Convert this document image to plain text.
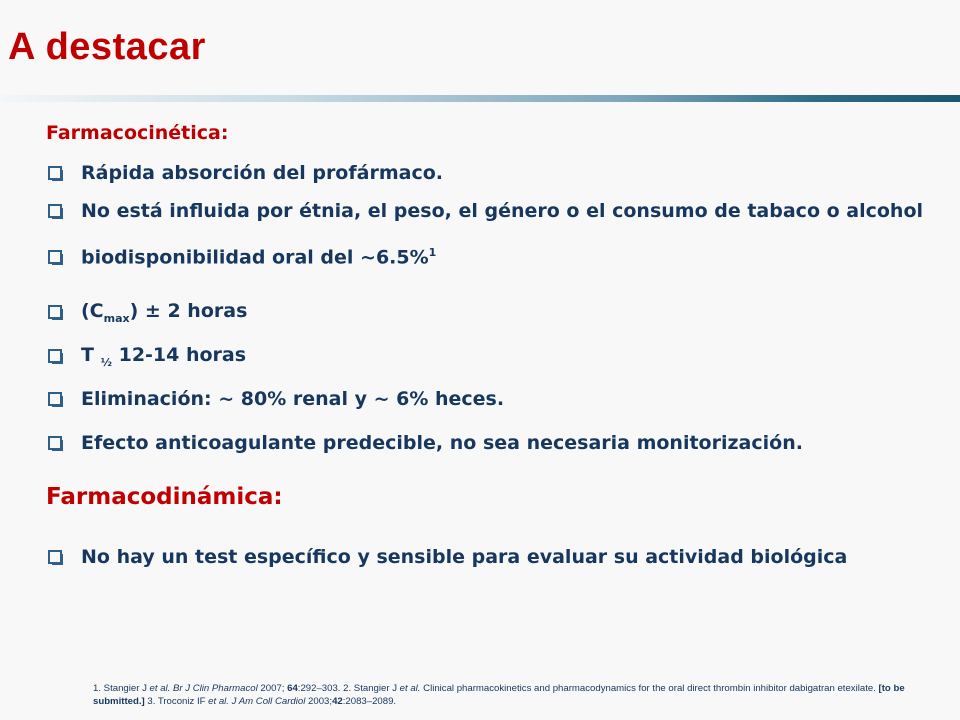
A destacar
Farmacocinética:
Rápida absorción del profármaco.
No está influida por étnia, el peso, el género o el consumo de tabaco o alcohol
biodisponibilidad oral del ~6.5%$^1$
$(C_{max}) \pm 2$ horas
T $_{\frac{1}{2}}$ 12-14 horas
Eliminación: ~ 80% renal y ~ 6% heces.
Efecto anticoagulante predecible, no sea necesaria monitorización.
Farmacodinámica:
No hay un test específico y sensible para evaluar su actividad biológica
1. Stangier J et al. Br J Clin Pharmacol 2007; 64:292–303. 2. Stangier J et al. Clinical pharmacokinetics and pharmacodynamics for the oral direct thrombin inhibitor dabigatran etexilate. [to be submitted.] 3. Troconiz IF et al. J Am Coll Cardiol 2003;42:2083–2089.
